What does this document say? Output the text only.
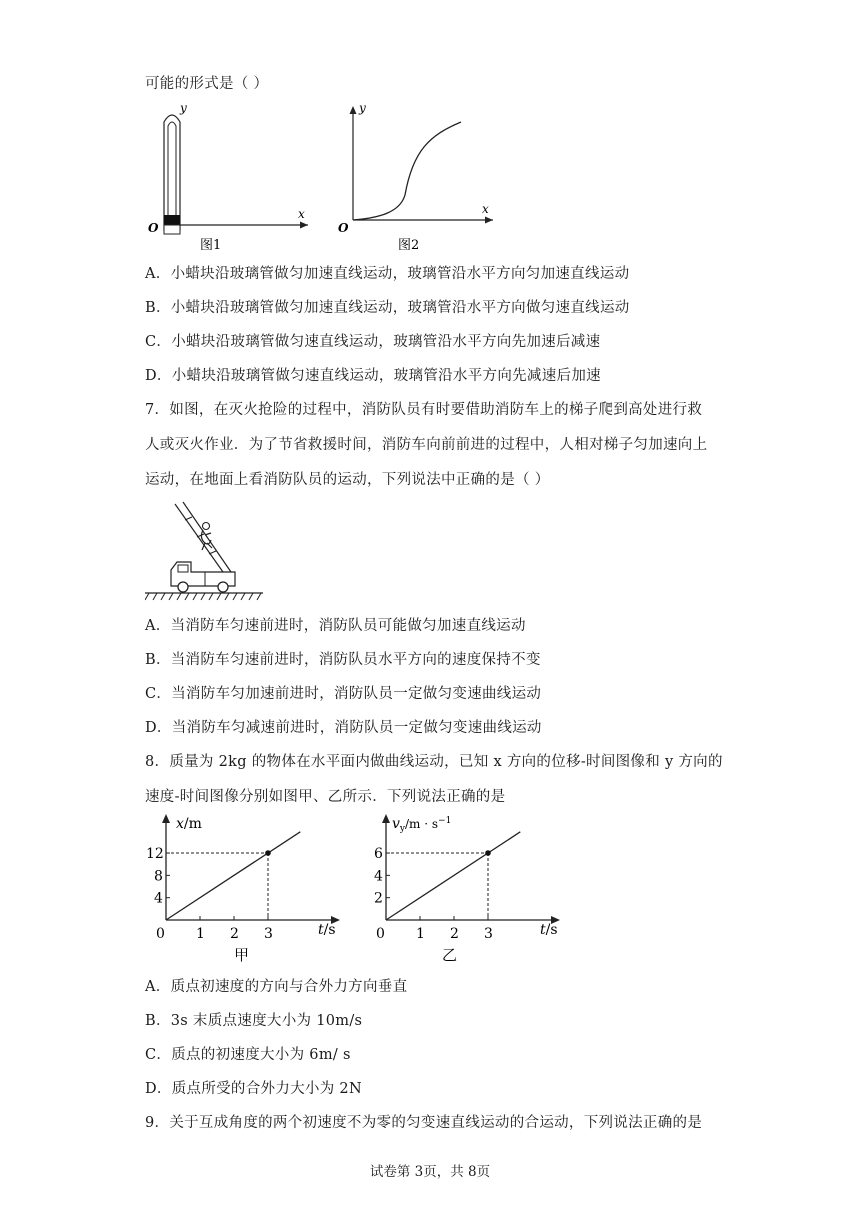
可能的形式是（ ）
y
x
O
图1
y
x
O
图2
A．小蜡块沿玻璃管做匀加速直线运动，玻璃管沿水平方向匀加速直线运动
B．小蜡块沿玻璃管做匀加速直线运动，玻璃管沿水平方向做匀速直线运动
C．小蜡块沿玻璃管做匀速直线运动，玻璃管沿水平方向先加速后减速
D．小蜡块沿玻璃管做匀速直线运动，玻璃管沿水平方向先减速后加速
7．如图，在灭火抢险的过程中，消防队员有时要借助消防车上的梯子爬到高处进行救
人或灭火作业．为了节省救援时间，消防车向前前进的过程中，人相对梯子匀加速向上
运动，在地面上看消防队员的运动，下列说法中正确的是（ ）
A．当消防车匀速前进时，消防队员可能做匀加速直线运动
B．当消防车匀速前进时，消防队员水平方向的速度保持不变
C．当消防车匀加速前进时，消防队员一定做匀变速曲线运动
D．当消防车匀减速前进时，消防队员一定做匀变速曲线运动
8．质量为 2kg 的物体在水平面内做曲线运动，已知 x 方向的位移-时间图像和 y 方向的
速度-时间图像分别如图甲、乙所示．下列说法正确的是
0 1 2 3
4
8
12
x/m
t/s
甲
0 1 2 3
2
4
6
$v_y/m \cdot s^{-1}$
t/s
乙
A．质点初速度的方向与合外力方向垂直
B．3s 末质点速度大小为 10m/s
C．质点的初速度大小为 6m/ s
D．质点所受的合外力大小为 2N
9．关于互成角度的两个初速度不为零的匀变速直线运动的合运动，下列说法正确的是
试卷第 3页，共 8页
